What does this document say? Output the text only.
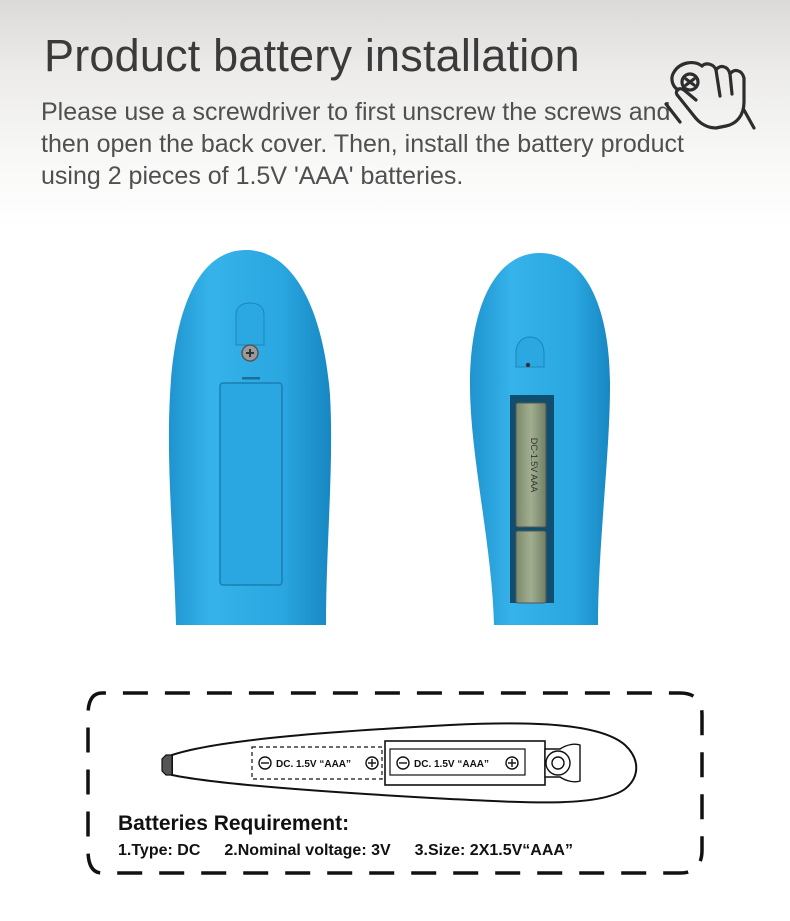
Product battery installation

Please use a screwdriver to first unscrew the screws and then open the back cover. Then, install the battery product using 2 pieces of 1.5V 'AAA' batteries.

DC-1.5V AAA
DC. 1.5V “AAA”	DC. 1.5V “AAA”

Batteries Requirement:

1.Type: DC 2.Nominal voltage: 3V 3.Size: 2X1.5V“AAA”
